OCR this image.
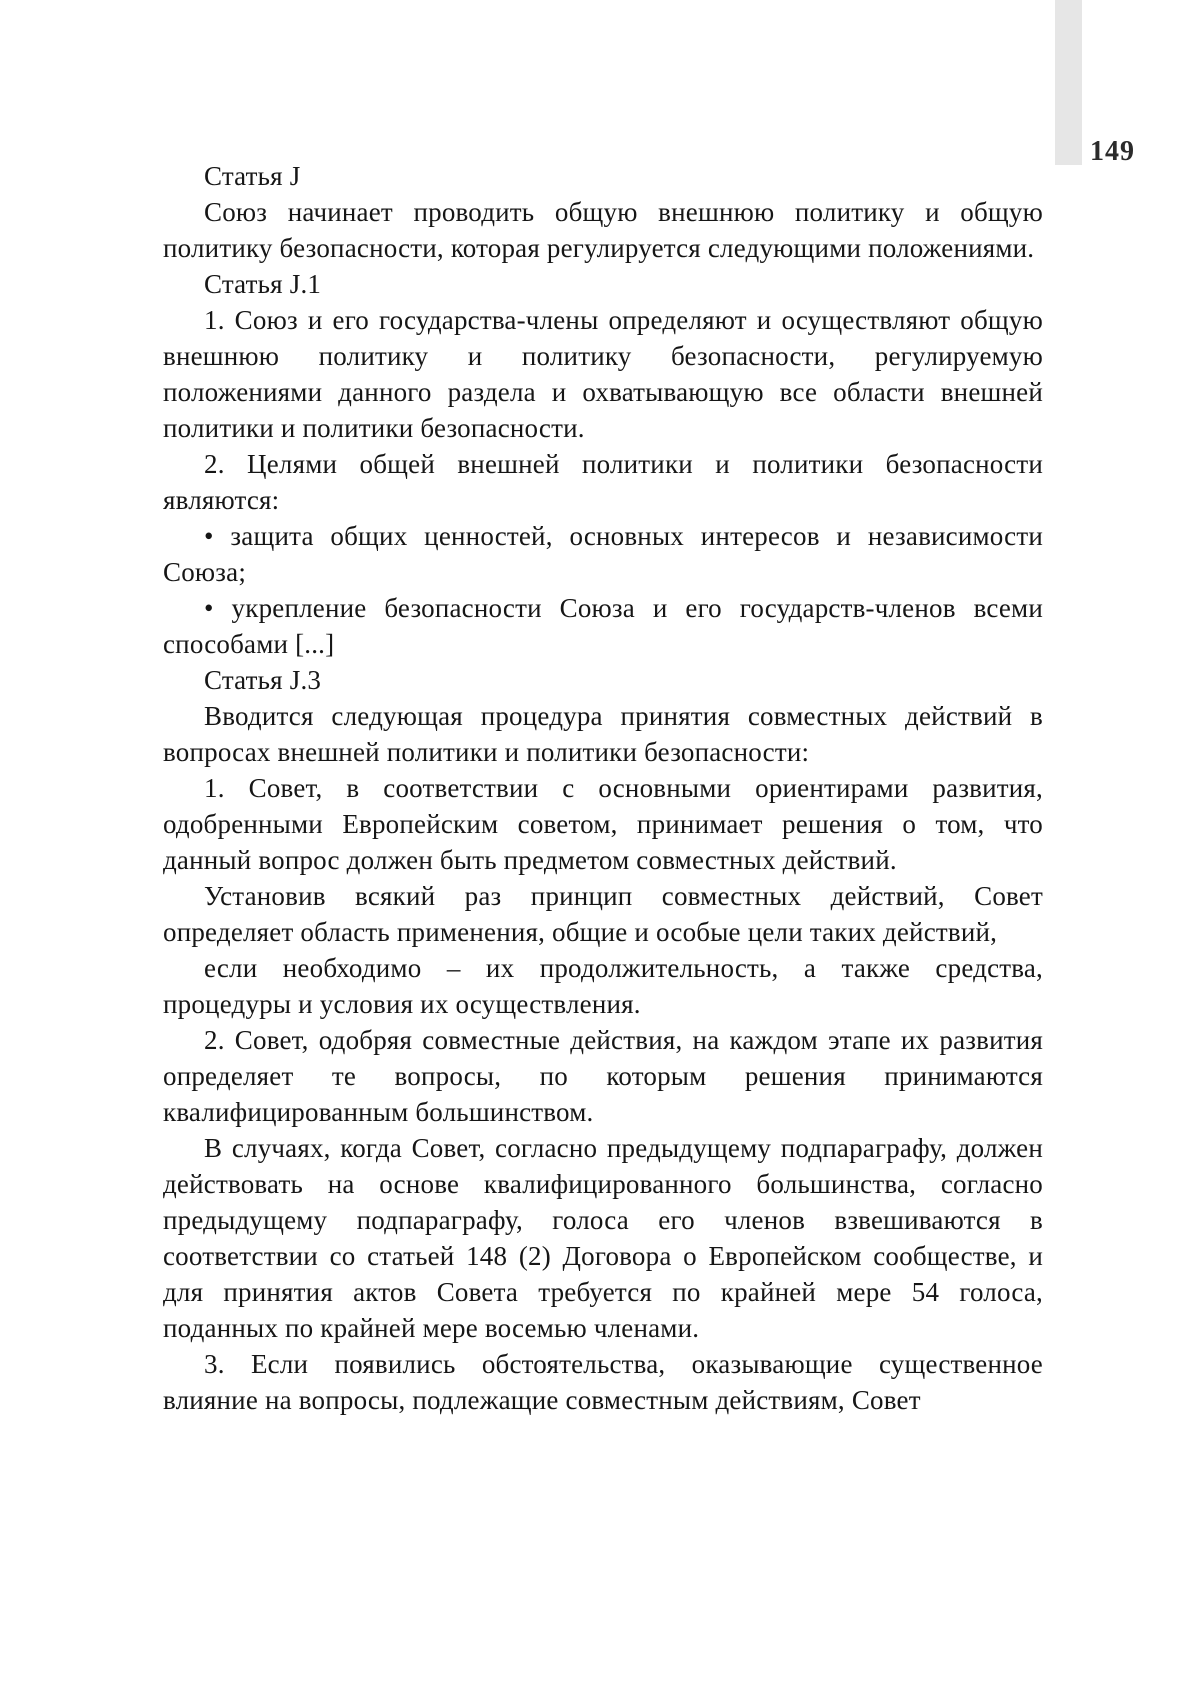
149

Статья J

Союз начинает проводить общую внешнюю политику и общую политику безопасности, которая регулируется следующими положениями.

Статья J.1

1. Союз и его государства-члены определяют и осуществляют общую внешнюю политику и политику безопасности, регулируемую положениями данного раздела и охватывающую все области внешней политики и политики безопасности.

2. Целями общей внешней политики и политики безопасности являются:

• защита общих ценностей, основных интересов и независимости Союза;

• укрепление безопасности Союза и его государств-членов всеми способами [...]

Статья J.3

Вводится следующая процедура принятия совместных действий в вопросах внешней политики и политики безопасности:

1. Совет, в соответствии с основными ориентирами развития, одобренными Европейским советом, принимает решения о том, что данный вопрос должен быть предметом совместных действий.

Установив всякий раз принцип совместных действий, Совет определяет область применения, общие и особые цели таких действий,

если необходимо – их продолжительность, а также средства, процедуры и условия их осуществления.

2. Совет, одобряя совместные действия, на каждом этапе их развития определяет те вопросы, по которым решения принимаются квалифицированным большинством.

В случаях, когда Совет, согласно предыдущему подпараграфу, должен действовать на основе квалифицированного большинства, согласно предыдущему подпараграфу, голоса его членов взвешиваются в соответствии со статьей 148 (2) Договора о Европейском сообществе, и для принятия актов Совета требуется по крайней мере 54 голоса, поданных по крайней мере восемью членами.

3. Если появились обстоятельства, оказывающие существенное влияние на вопросы, подлежащие совместным действиям, Совет
